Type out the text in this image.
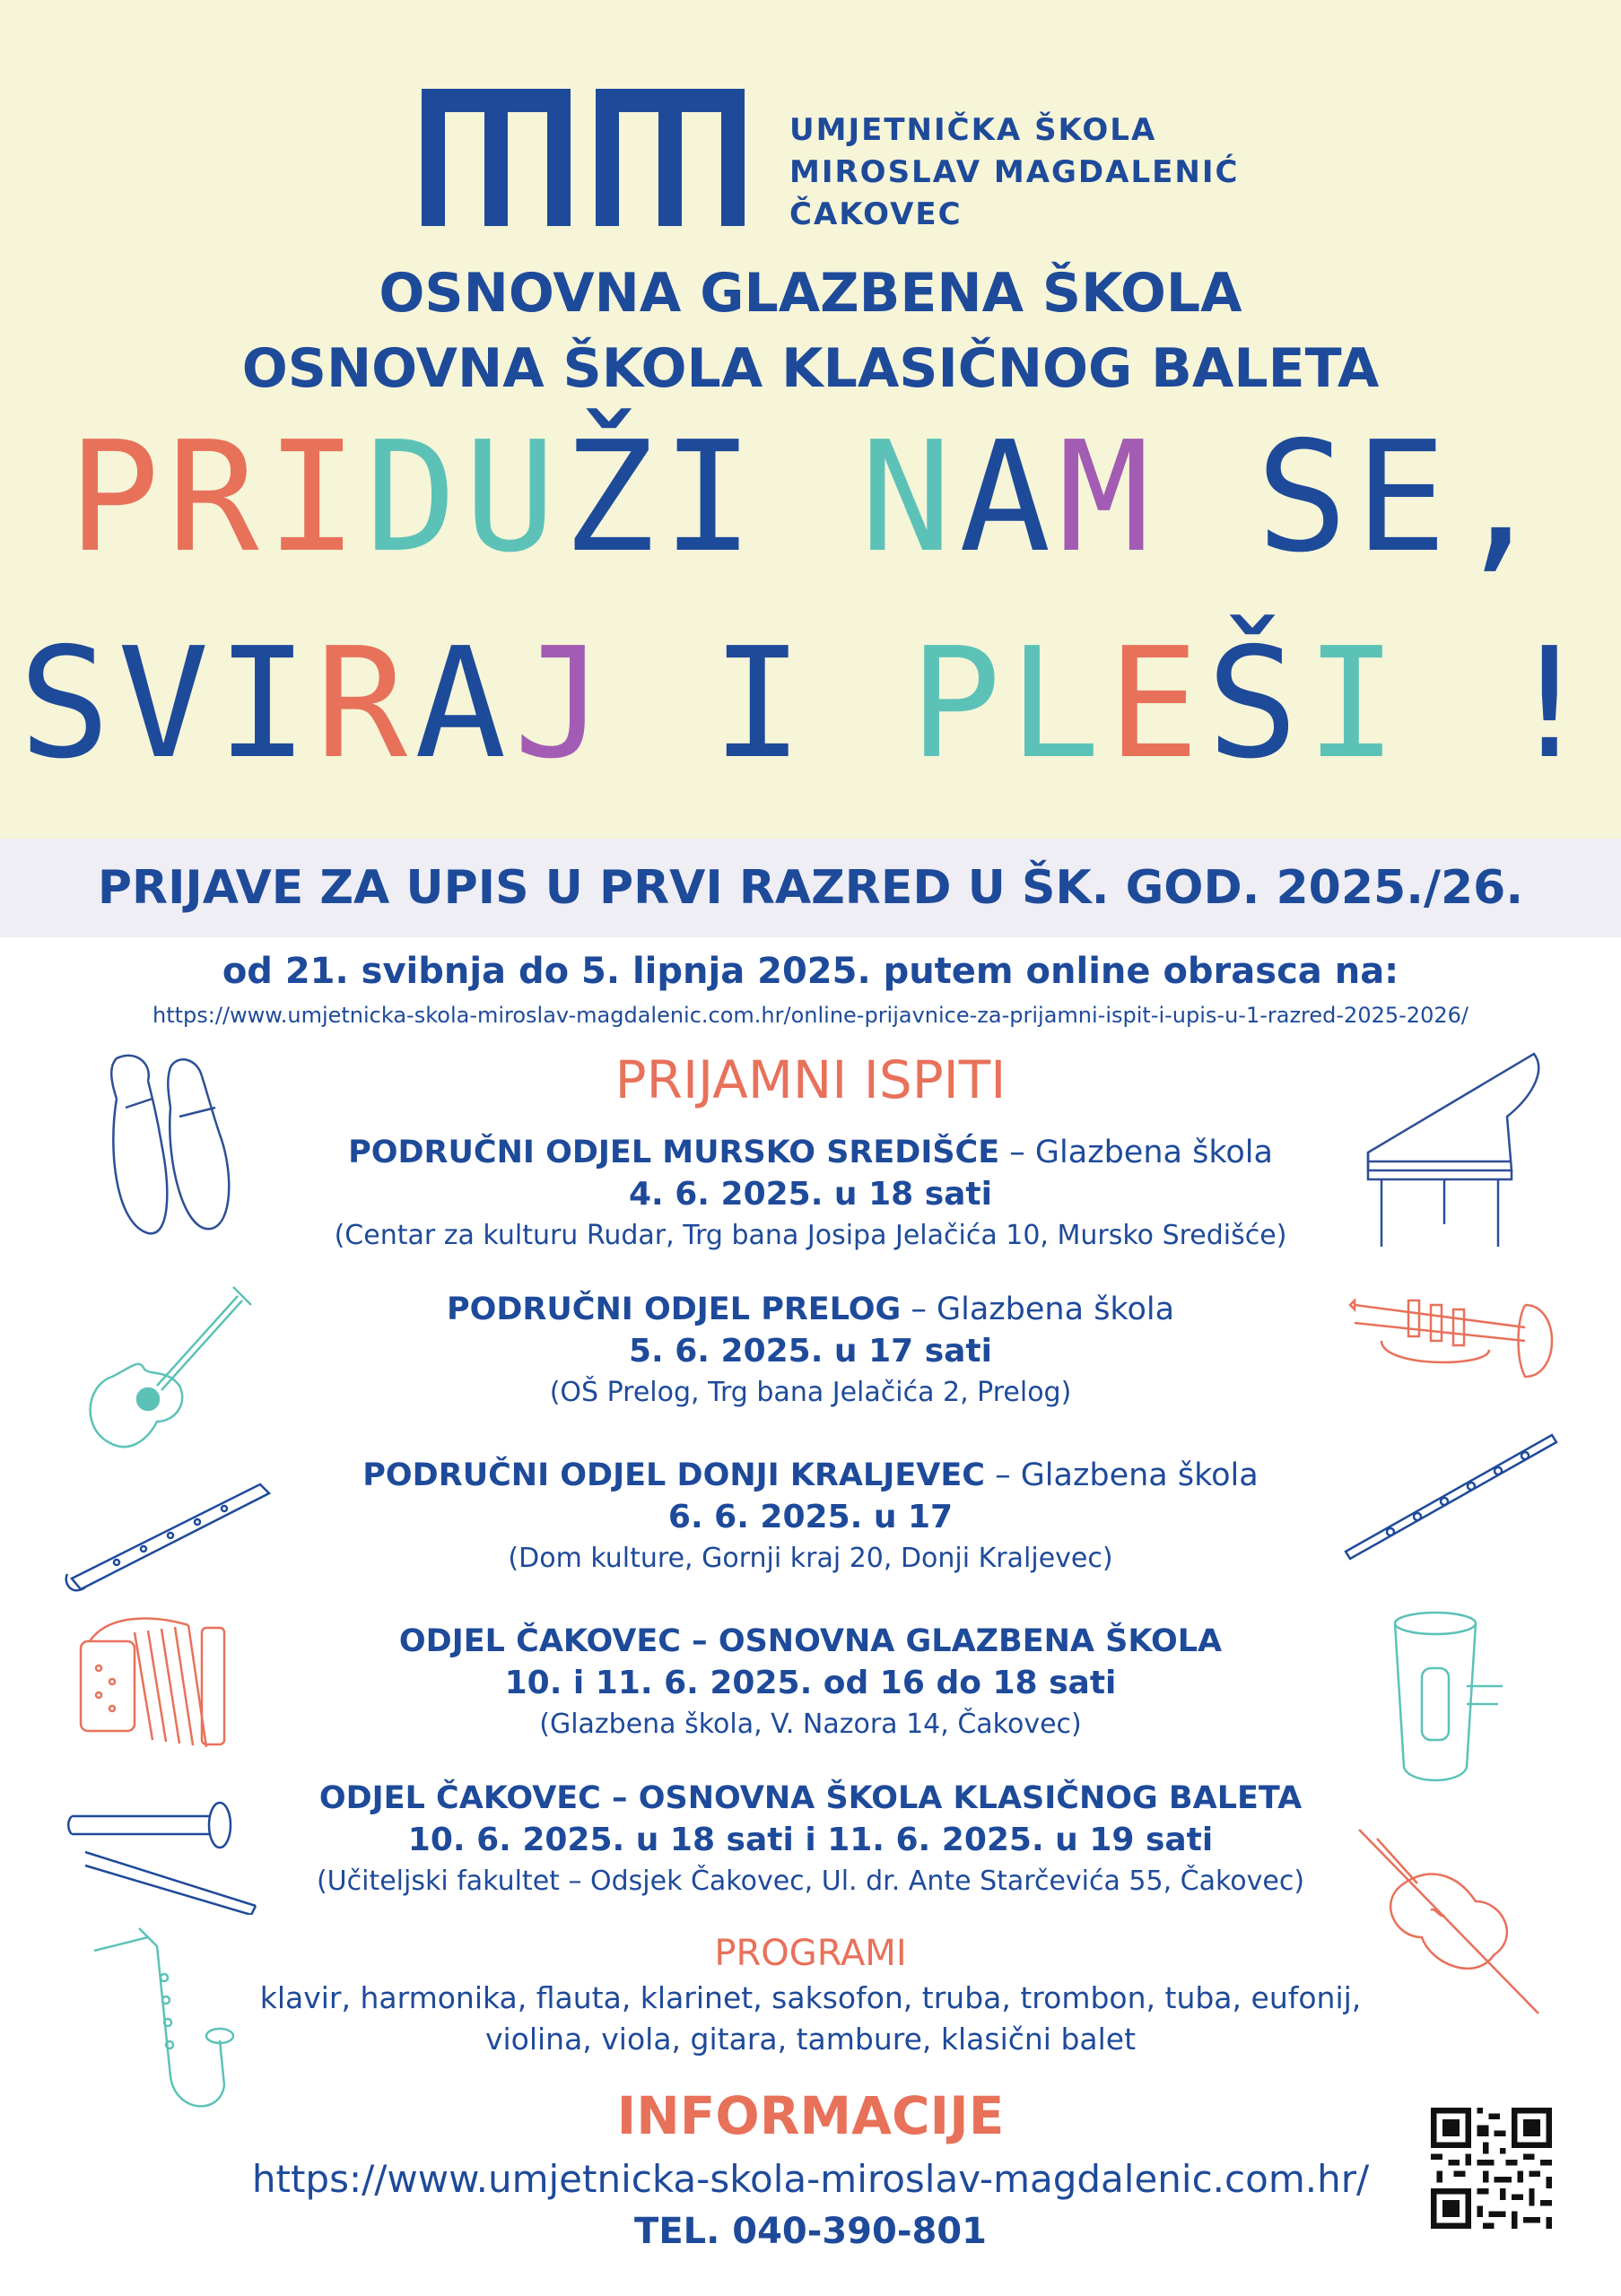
UMJETNIČKA ŠKOLA
MIROSLAV MAGDALENIĆ
ČAKOVEC
OSNOVNA GLAZBENA ŠKOLA
OSNOVNA ŠKOLA KLASIČNOG BALETA
PRIDUŽI NAM SE,
SVIRAJ I PLEŠI !
PRIJAVE ZA UPIS U PRVI RAZRED U ŠK. GOD. 2025./26.
od 21. svibnja do 5. lipnja 2025. putem online obrasca na:
https://www.umjetnicka-skola-miroslav-magdalenic.com.hr/online-prijavnice-za-prijamni-ispit-i-upis-u-1-razred-2025-2026/
PRIJAMNI ISPITI
PODRUČNI ODJEL MURSKO SREDIŠĆE – Glazbena škola
4. 6. 2025. u 18 sati
(Centar za kulturu Rudar, Trg bana Josipa Jelačića 10, Mursko Središće)
PODRUČNI ODJEL PRELOG – Glazbena škola
5. 6. 2025. u 17 sati
(OŠ Prelog, Trg bana Jelačića 2, Prelog)
PODRUČNI ODJEL DONJI KRALJEVEC – Glazbena škola
6. 6. 2025. u 17
(Dom kulture, Gornji kraj 20, Donji Kraljevec)
ODJEL ČAKOVEC – OSNOVNA GLAZBENA ŠKOLA
10. i 11. 6. 2025. od 16 do 18 sati
(Glazbena škola, V. Nazora 14, Čakovec)
ODJEL ČAKOVEC – OSNOVNA ŠKOLA KLASIČNOG BALETA
10. 6. 2025. u 18 sati i 11. 6. 2025. u 19 sati
(Učiteljski fakultet – Odsjek Čakovec, Ul. dr. Ante Starčevića 55, Čakovec)
PROGRAMI
klavir, harmonika, flauta, klarinet, saksofon, truba, trombon, tuba, eufonij,
violina, viola, gitara, tambure, klasični balet
INFORMACIJE
https://www.umjetnicka-skola-miroslav-magdalenic.com.hr/
TEL. 040-390-801
